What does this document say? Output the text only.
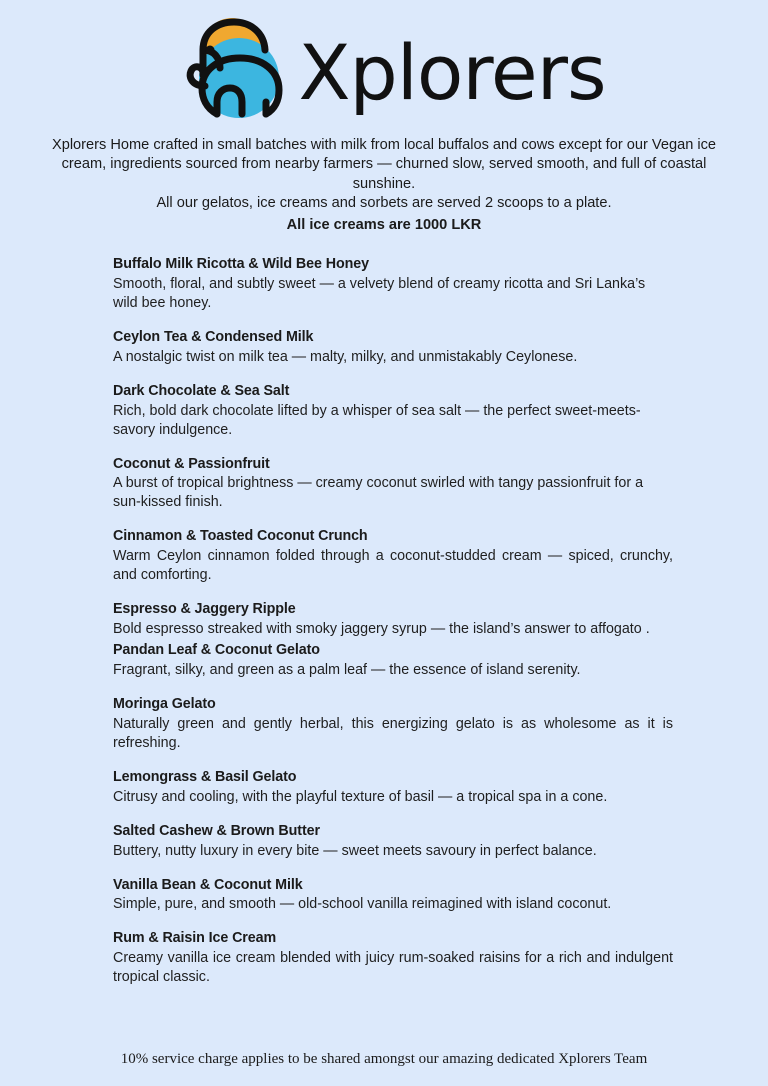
Xplorers

Xplorers Home crafted in small batches with milk from local buffalos and cows except for our Vegan ice cream, ingredients sourced from nearby farmers — churned slow, served smooth, and full of coastal sunshine.

All our gelatos, ice creams and sorbets are served 2 scoops to a plate.

All ice creams are 1000 LKR

Buffalo Milk Ricotta & Wild Bee Honey

Smooth, floral, and subtly sweet — a velvety blend of creamy ricotta and Sri Lanka’s wild bee honey.

Ceylon Tea & Condensed Milk

A nostalgic twist on milk tea — malty, milky, and unmistakably Ceylonese.

Dark Chocolate & Sea Salt

Rich, bold dark chocolate lifted by a whisper of sea salt — the perfect sweet-meets-savory indulgence.

Coconut & Passionfruit

A burst of tropical brightness — creamy coconut swirled with tangy passionfruit for a sun-kissed finish.

Cinnamon & Toasted Coconut Crunch

Warm Ceylon cinnamon folded through a coconut-studded cream — spiced, crunchy, and comforting.

Espresso & Jaggery Ripple

Bold espresso streaked with smoky jaggery syrup — the island’s answer to affogato .

Pandan Leaf & Coconut Gelato

Fragrant, silky, and green as a palm leaf — the essence of island serenity.

Moringa Gelato

Naturally green and gently herbal, this energizing gelato is as wholesome as it is refreshing.

Lemongrass & Basil Gelato

Citrusy and cooling, with the playful texture of basil — a tropical spa in a cone.

Salted Cashew & Brown Butter

Buttery, nutty luxury in every bite — sweet meets savoury in perfect balance.

Vanilla Bean & Coconut Milk

Simple, pure, and smooth — old-school vanilla reimagined with island coconut.

Rum & Raisin Ice Cream

Creamy vanilla ice cream blended with juicy rum-soaked raisins for a rich and indulgent tropical classic.

10% service charge applies to be shared amongst our amazing dedicated Xplorers Team
